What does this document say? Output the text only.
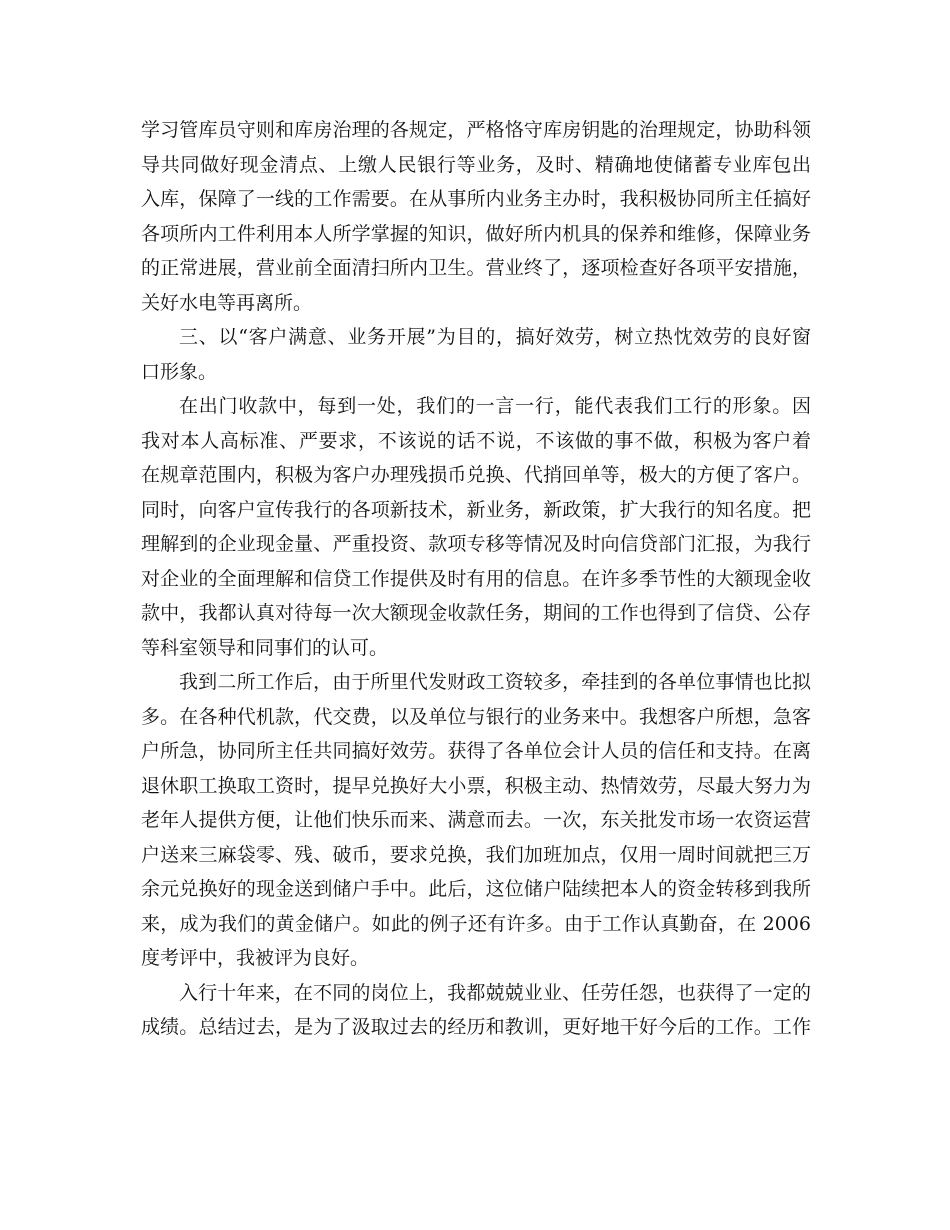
学习管库员守则和库房治理的各规定，严格恪守库房钥匙的治理规定，协助科领
导共同做好现金清点、上缴人民银行等业务，及时、精确地使储蓄专业库包出
入库，保障了一线的工作需要。在从事所内业务主办时，我积极协同所主任搞好
各项所内工件利用本人所学掌握的知识，做好所内机具的保养和维修，保障业务
的正常进展，营业前全面清扫所内卫生。营业终了，逐项检查好各项平安措施，
关好水电等再离所。
三、以“客户满意、业务开展”为目的，搞好效劳，树立热忱效劳的良好窗
口形象。
在出门收款中，每到一处，我们的一言一行，能代表我们工行的形象。因
我对本人高标准、严要求，不该说的话不说，不该做的事不做，积极为客户着
在规章范围内，积极为客户办理残损币兑换、代捎回单等，极大的方便了客户。
同时，向客户宣传我行的各项新技术，新业务，新政策，扩大我行的知名度。把
理解到的企业现金量、严重投资、款项专移等情况及时向信贷部门汇报，为我行
对企业的全面理解和信贷工作提供及时有用的信息。在许多季节性的大额现金收
款中，我都认真对待每一次大额现金收款任务，期间的工作也得到了信贷、公存
等科室领导和同事们的认可。
我到二所工作后，由于所里代发财政工资较多，牵挂到的各单位事情也比拟
多。在各种代机款，代交费，以及单位与银行的业务来中。我想客户所想，急客
户所急，协同所主任共同搞好效劳。获得了各单位会计人员的信任和支持。在离
退休职工换取工资时，提早兑换好大小票，积极主动、热情效劳，尽最大努力为
老年人提供方便，让他们快乐而来、满意而去。一次，东关批发市场一农资运营
户送来三麻袋零、残、破币，要求兑换，我们加班加点，仅用一周时间就把三万
余元兑换好的现金送到储户手中。此后，这位储户陆续把本人的资金转移到我所
来，成为我们的黄金储户。如此的例子还有许多。由于工作认真勤奋，在 2006
度考评中，我被评为良好。
入行十年来，在不同的岗位上，我都兢兢业业、任劳任怨，也获得了一定的
成绩。总结过去，是为了汲取过去的经历和教训，更好地干好今后的工作。工作
